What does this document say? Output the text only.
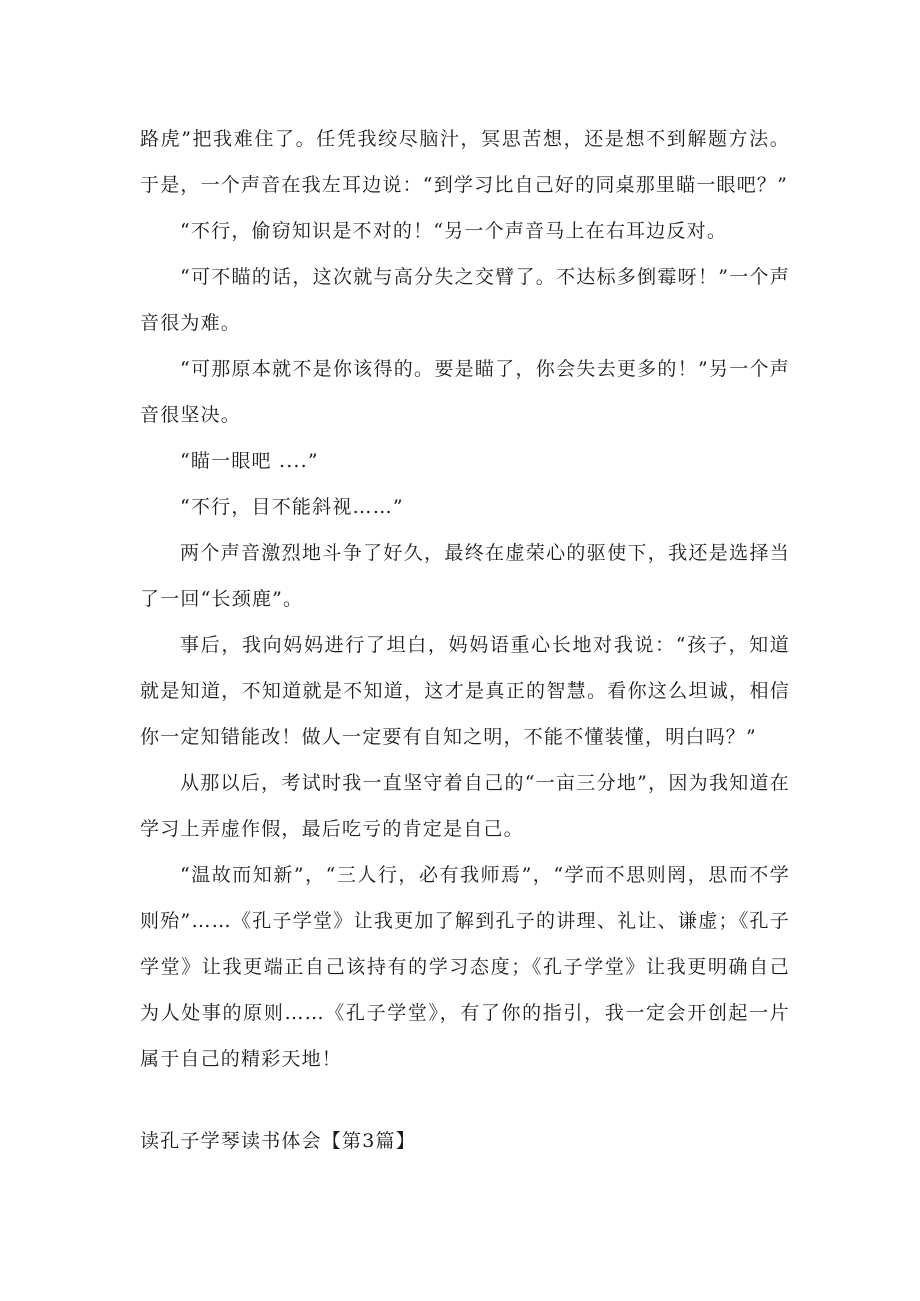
路虎”把我难住了。任凭我绞尽脑汁，冥思苦想，还是想不到解题方法。于是，一个声音在我左耳边说：“到学习比自己好的同桌那里瞄一眼吧？”

“不行，偷窃知识是不对的！“另一个声音马上在右耳边反对。

“可不瞄的话，这次就与高分失之交臂了。不达标多倒霉呀！”一个声音很为难。

“可那原本就不是你该得的。要是瞄了，你会失去更多的！”另一个声音很坚决。

“瞄一眼吧 ....”

“不行，目不能斜视……”

两个声音激烈地斗争了好久，最终在虚荣心的驱使下，我还是选择当了一回“长颈鹿”。

事后，我向妈妈进行了坦白，妈妈语重心长地对我说：“孩子，知道就是知道，不知道就是不知道，这才是真正的智慧。看你这么坦诚，相信你一定知错能改！做人一定要有自知之明，不能不懂装懂，明白吗？”

从那以后，考试时我一直坚守着自己的“一亩三分地”，因为我知道在学习上弄虚作假，最后吃亏的肯定是自己。

“温故而知新”，“三人行，必有我师焉”，“学而不思则罔，思而不学则殆”……《孔子学堂》让我更加了解到孔子的讲理、礼让、谦虚；《孔子学堂》让我更端正自己该持有的学习态度；《孔子学堂》让我更明确自己为人处事的原则……《孔子学堂》，有了你的指引，我一定会开创起一片属于自己的精彩天地！

读孔子学琴读书体会【第3篇】
